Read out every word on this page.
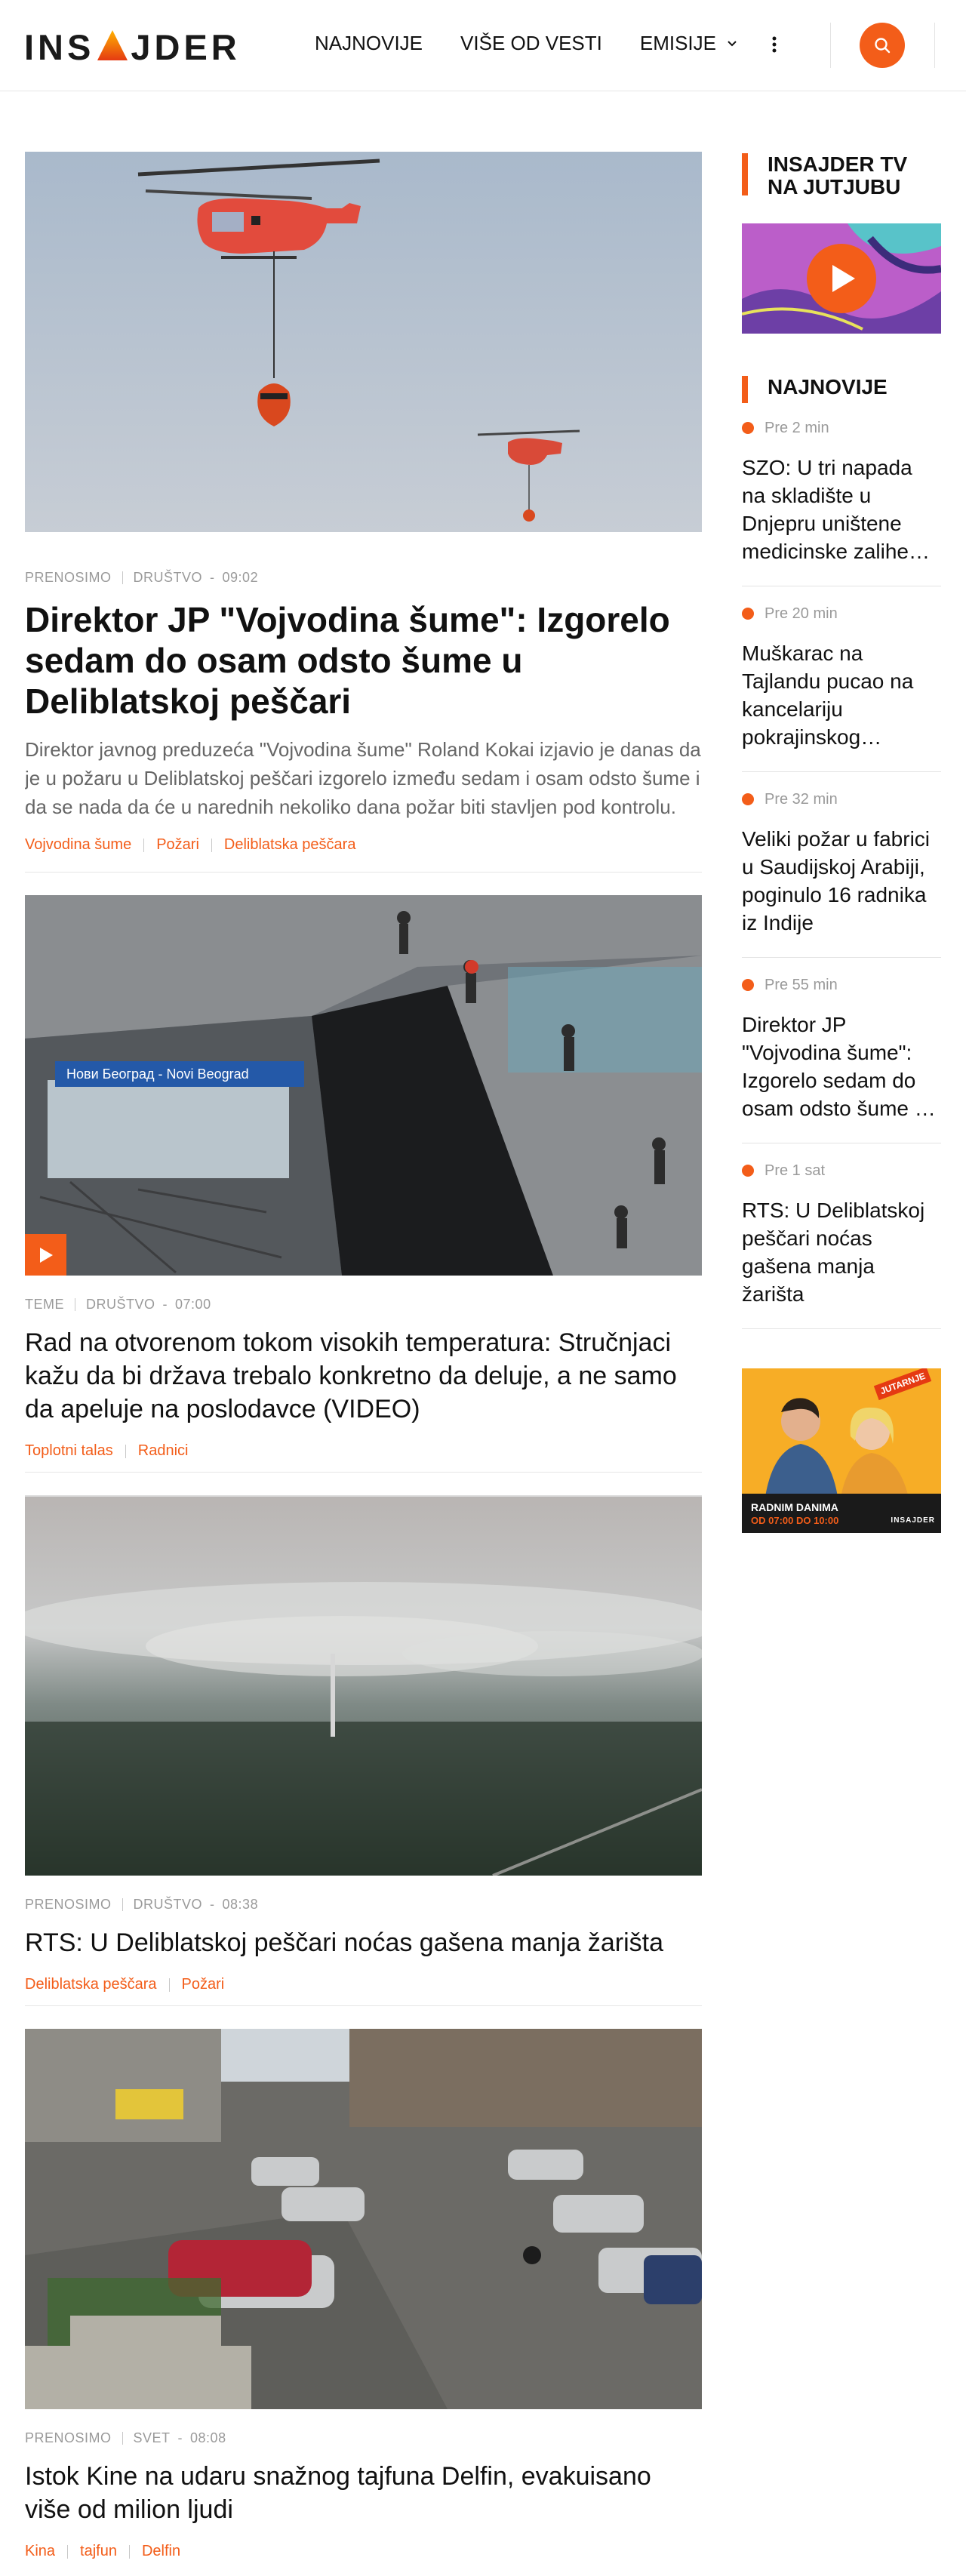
INS JDER	NAJNOVIJE VIŠE OD VESTI EMISIJE
PRENOSIMO DRUŠTVO - 09:02
Direktor JP "Vojvodina šume": Izgorelo sedam do osam odsto šume u Deliblatskoj peščari

Direktor javnog preduzeća "Vojvodina šume" Roland Kokai izjavio je danas da je u požaru u Deliblatskoj peščari izgorelo između sedam i osam odsto šume i da se nada da će u narednih nekoliko dana požar biti stavljen pod kontrolu.

Vojvodina šume Požari Deliblatska peščara
Нови Београд - Novi Beograd
TEME DRUŠTVO - 07:00
Rad na otvorenom tokom visokih temperatura: Stručnjaci kažu da bi država trebalo konkretno da deluje, a ne samo da apeluje na poslodavce (VIDEO)
Toplotni talas Radnici
PRENOSIMO DRUŠTVO - 08:38
RTS: U Deliblatskoj peščari noćas gašena manja žarišta
Deliblatska peščara Požari
PRENOSIMO SVET - 08:08
Istok Kine na udaru snažnog tajfuna Delfin, evakuisano više od milion ljudi
Kina tajfun Delfin
INSAJDER TV NA JUTJUBU
NAJNOVIJE
Pre 2 min
SZO: U tri napada na skladište u Dnjepru uništene medicinske zalihe
Pre 20 min
Muškarac na Tajlandu pucao na kancelariju pokrajinskog
Pre 32 min
Veliki požar u fabrici u Saudijskoj Arabiji, poginulo 16 radnika iz Indije
Pre 55 min
Direktor JP "Vojvodina šume": Izgorelo sedam do osam odsto šume u
Pre 1 sat
RTS: U Deliblatskoj peščari noćas gašena manja žarišta
JUTARNJE
RADNIM DANIMA
OD 07:00 DO 10:00	INSAJDER
